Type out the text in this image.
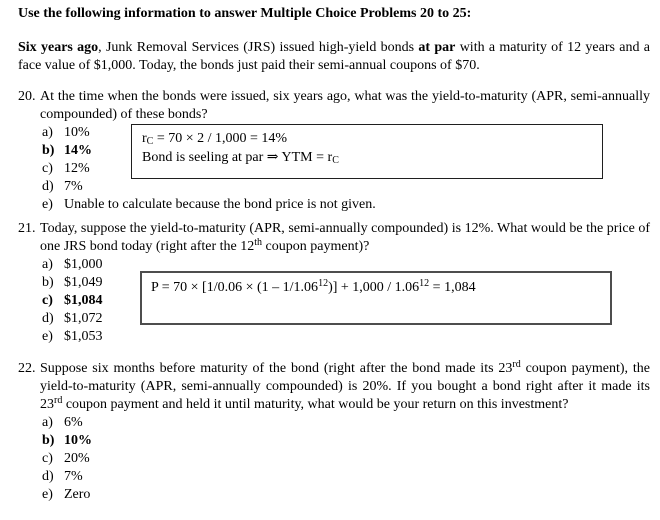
Use the following information to answer Multiple Choice Problems 20 to 25:

Six years ago, Junk Removal Services (JRS) issued high-yield bonds at par with a maturity of 12 years and a face value of $1,000. Today, the bonds just paid their semi-annual coupons of $70.

20. At the time when the bonds were issued, six years ago, what was the yield-to-maturity (APR, semi-annually compounded) of these bonds?
a) 10%
b) 14%
c) 12%
d) 7%
e) Unable to calculate because the bond price is not given.
$r_C = 70 \times 2 / 1,000 = 14\%$
Bond is seeling at par ⇒ YTM = $r_C$
21. Today, suppose the yield-to-maturity (APR, semi-annually compounded) is 12%. What would be the price of one JRS bond today (right after the 12th coupon payment)?
a) $1,000
b) $1,049
c) $1,084
d) $1,072
e) $1,053
$P = 70 \times [1/0.06 \times (1 - 1/1.06^{12})] + 1,000 / 1.06^{12} = 1,084$
22. Suppose six months before maturity of the bond (right after the bond made its 23rd coupon payment), the yield-to-maturity (APR, semi-annually compounded) is 20%. If you bought a bond right after it made its 23rd coupon payment and held it until maturity, what would be your return on this investment?
a) 6%
b) 10%
c) 20%
d) 7%
e) Zero
